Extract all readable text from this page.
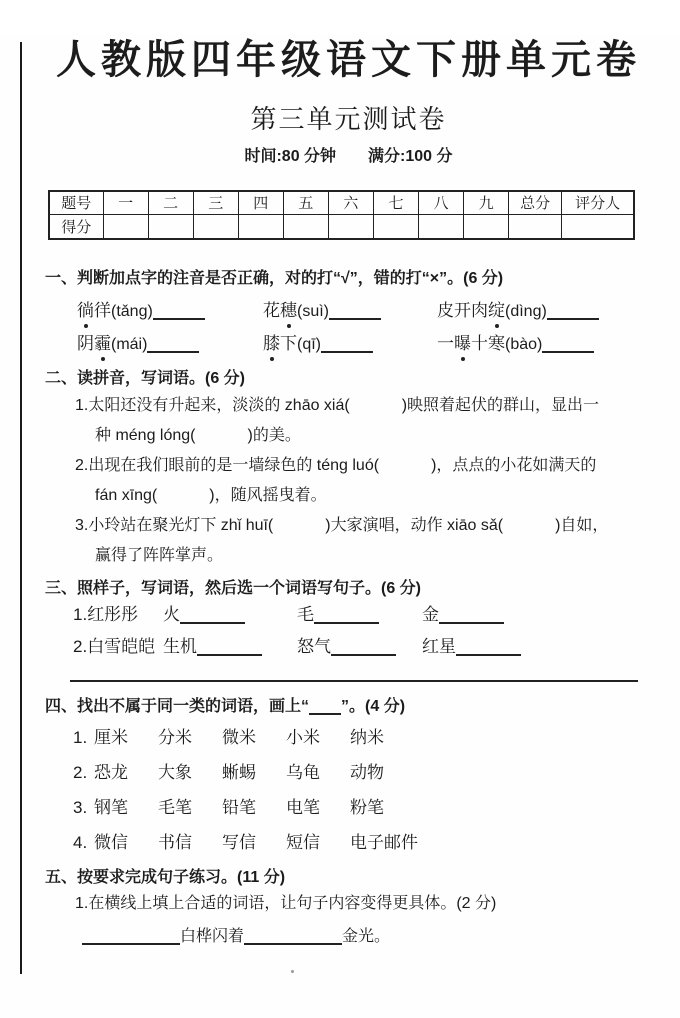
人教版四年级语文下册单元卷
第三单元测试卷
时间:80 分钟 满分:100 分
题号	一	二	三	四	五	六	七	八	九	总分	评分人
得分											
一、判断加点字的注音是否正确，对的打“√”，错的打“×”。(6 分)
徜徉(tǎng)	花穗(suì)	皮开肉绽(dìng)
阴霾(mái)	膝下(qī)	一曝十寒(bào)
二、读拼音，写词语。(6 分)
1.太阳还没有升起来，淡淡的 zhāo xiá(	)映照着起伏的群山，显出一
种 méng lóng(	)的美。
2.出现在我们眼前的是一墙绿色的 téng luó(	)，点点的小花如满天的
fán xīng(	)，随风摇曳着。
3.小玲站在聚光灯下 zhǐ huī(	)大家演唱，动作 xiāo sǎ(	)自如，
赢得了阵阵掌声。
三、照样子，写词语，然后选一个词语写句子。(6 分)
1.红彤彤	火	毛	金
2.白雪皑皑 生机	怒气	红星
四、找出不属于同一类的词语，画上“ ”。(4 分)
1. 厘米	分米	微米	小米	纳米
2. 恐龙	大象	蜥蜴	乌龟	动物
3. 钢笔	毛笔	铅笔	电笔	粉笔
4. 微信	书信	写信	短信	电子邮件
五、按要求完成句子练习。(11 分)
1.在横线上填上合适的词语，让句子内容变得更具体。(2 分)
白桦闪着	金光。
